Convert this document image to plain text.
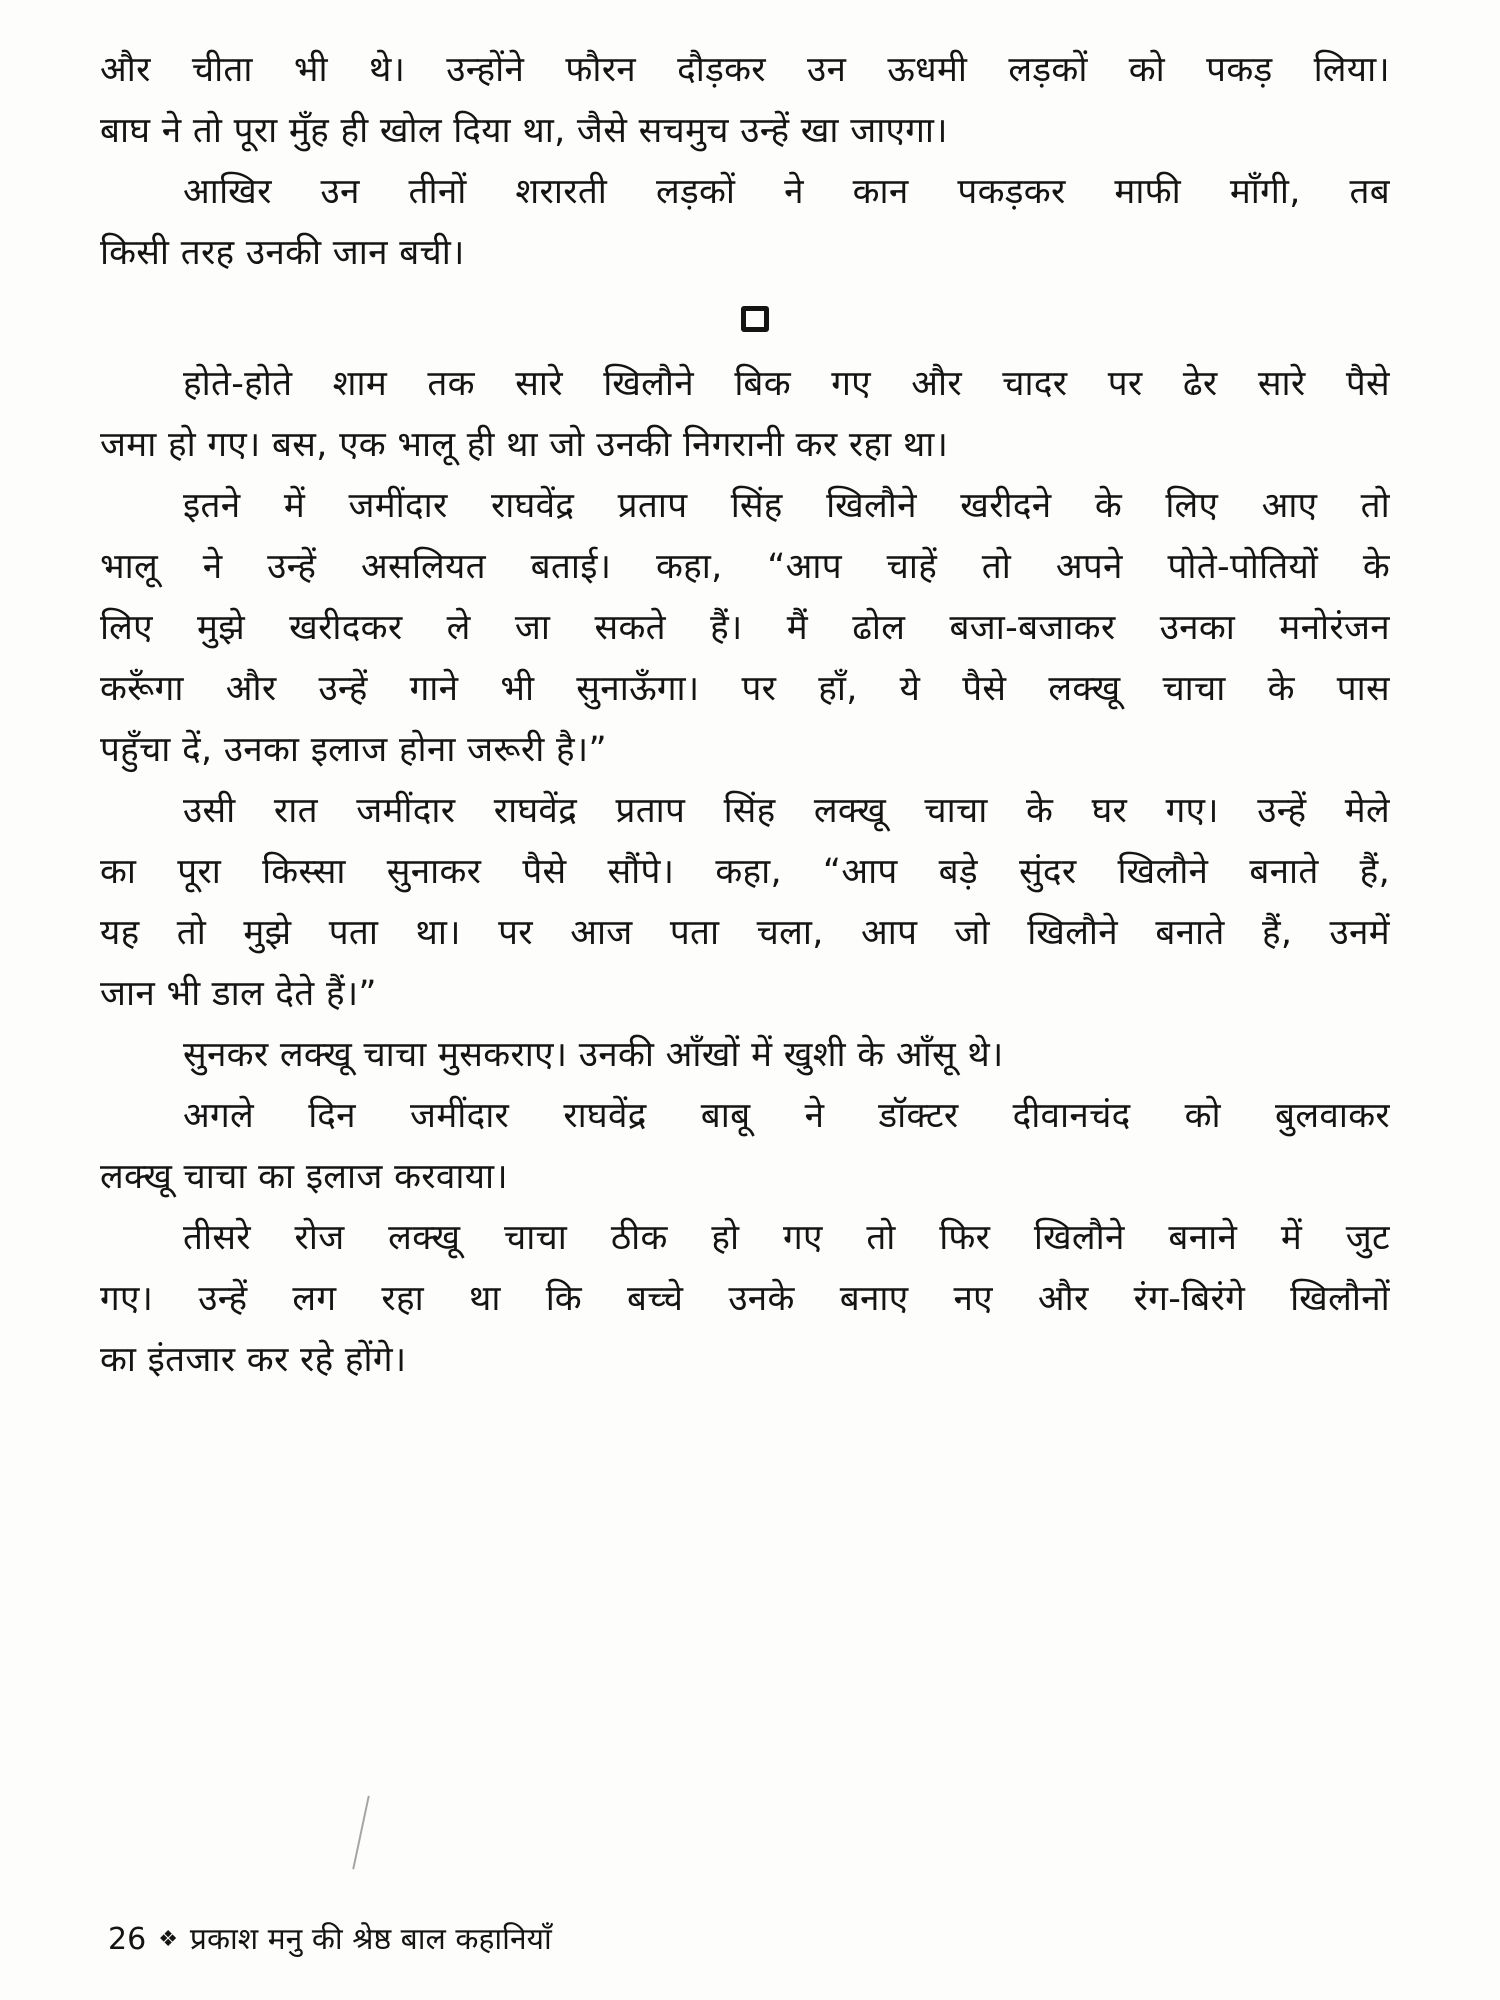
और चीता भी थे। उन्होंने फौरन दौड़कर उन ऊधमी लड़कों को पकड़ लिया।
बाघ ने तो पूरा मुँह ही खोल दिया था, जैसे सचमुच उन्हें खा जाएगा।
आखिर उन तीनों शरारती लड़कों ने कान पकड़कर माफी माँगी, तब
किसी तरह उनकी जान बची।
होते-होते शाम तक सारे खिलौने बिक गए और चादर पर ढेर सारे पैसे
जमा हो गए। बस, एक भालू ही था जो उनकी निगरानी कर रहा था।
इतने में जमींदार राघवेंद्र प्रताप सिंह खिलौने खरीदने के लिए आए तो
भालू ने उन्हें असलियत बताई। कहा, “आप चाहें तो अपने पोते-पोतियों के
लिए मुझे खरीदकर ले जा सकते हैं। मैं ढोल बजा-बजाकर उनका मनोरंजन
करूँगा और उन्हें गाने भी सुनाऊँगा। पर हाँ, ये पैसे लक्खू चाचा के पास
पहुँचा दें, उनका इलाज होना जरूरी है।”
उसी रात जमींदार राघवेंद्र प्रताप सिंह लक्खू चाचा के घर गए। उन्हें मेले
का पूरा किस्सा सुनाकर पैसे सौंपे। कहा, “आप बड़े सुंदर खिलौने बनाते हैं,
यह तो मुझे पता था। पर आज पता चला, आप जो खिलौने बनाते हैं, उनमें
जान भी डाल देते हैं।”
सुनकर लक्खू चाचा मुसकराए। उनकी आँखों में खुशी के आँसू थे।
अगले दिन जमींदार राघवेंद्र बाबू ने डॉक्टर दीवानचंद को बुलवाकर
लक्खू चाचा का इलाज करवाया।
तीसरे रोज लक्खू चाचा ठीक हो गए तो फिर खिलौने बनाने में जुट
गए। उन्हें लग रहा था कि बच्चे उनके बनाए नए और रंग-बिरंगे खिलौनों
का इंतजार कर रहे होंगे।
26 ❖ प्रकाश मनु की श्रेष्ठ बाल कहानियाँ
